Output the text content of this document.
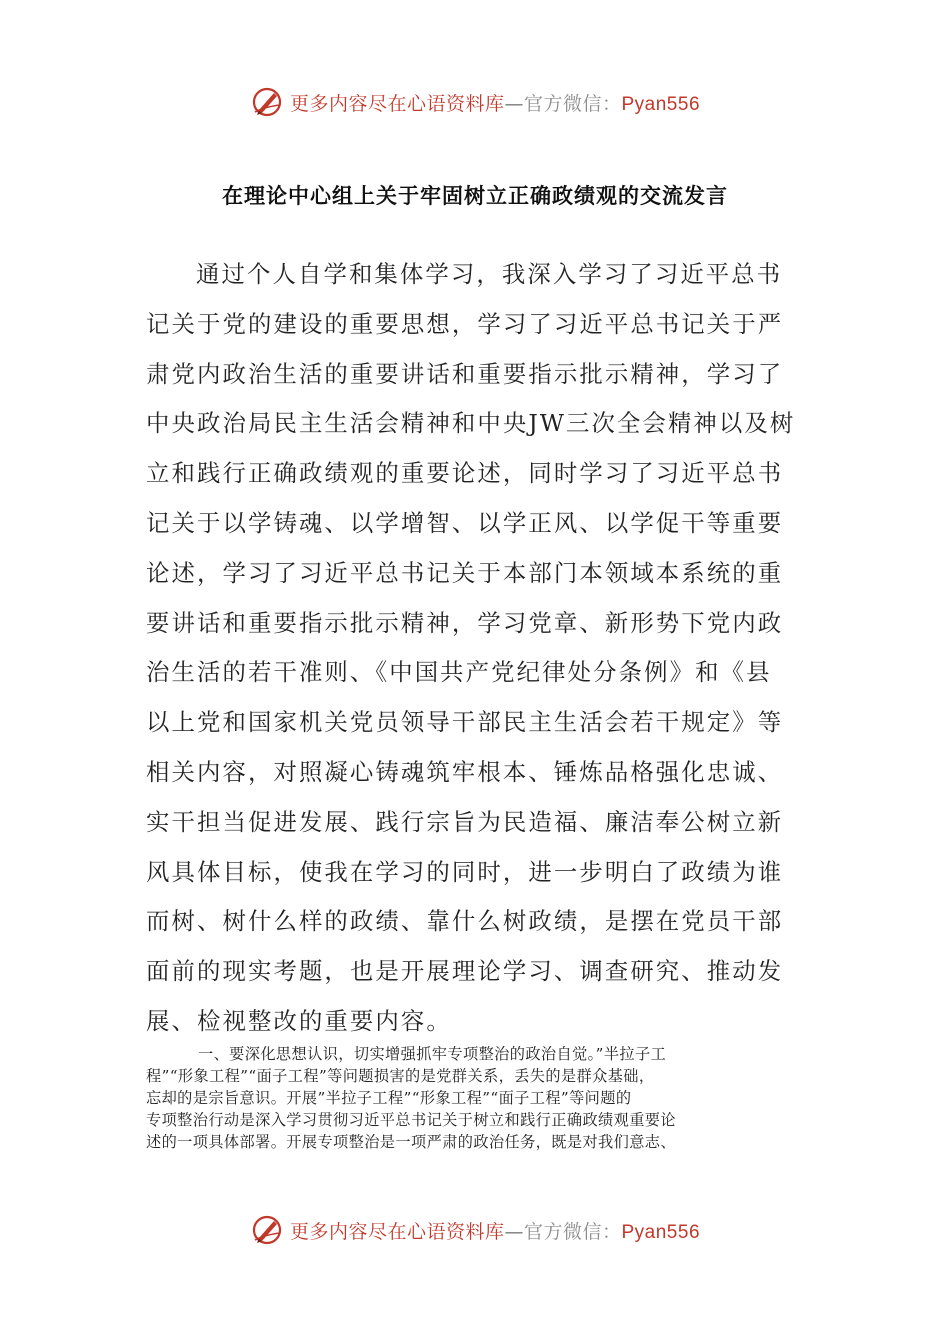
更多内容尽在心语资料库—官方微信：Pyan556
在理论中心组上关于牢固树立正确政绩观的交流发言
通过个人自学和集体学习，我深入学习了习近平总书
记关于党的建设的重要思想，学习了习近平总书记关于严
肃党内政治生活的重要讲话和重要指示批示精神，学习了
中央政治局民主生活会精神和中央JW三次全会精神以及树
立和践行正确政绩观的重要论述，同时学习了习近平总书
记关于以学铸魂、以学增智、以学正风、以学促干等重要
论述，学习了习近平总书记关于本部门本领域本系统的重
要讲话和重要指示批示精神，学习党章、新形势下党内政
治生活的若干准则、《中国共产党纪律处分条例》和《县
以上党和国家机关党员领导干部民主生活会若干规定》等
相关内容，对照凝心铸魂筑牢根本、锤炼品格强化忠诚、
实干担当促进发展、践行宗旨为民造福、廉洁奉公树立新
风具体目标，使我在学习的同时，进一步明白了政绩为谁
而树、树什么样的政绩、靠什么树政绩，是摆在党员干部
面前的现实考题，也是开展理论学习、调查研究、推动发
展、检视整改的重要内容。
一、要深化思想认识，切实增强抓牢专项整治的政治自觉。”半拉子工
程”“形象工程”“面子工程”等问题损害的是党群关系，丢失的是群众基础，
忘却的是宗旨意识。开展”半拉子工程”“形象工程”“面子工程”等问题的
专项整治行动是深入学习贯彻习近平总书记关于树立和践行正确政绩观重要论
述的一项具体部署。开展专项整治是一项严肃的政治任务，既是对我们意志、
更多内容尽在心语资料库—官方微信：Pyan556
